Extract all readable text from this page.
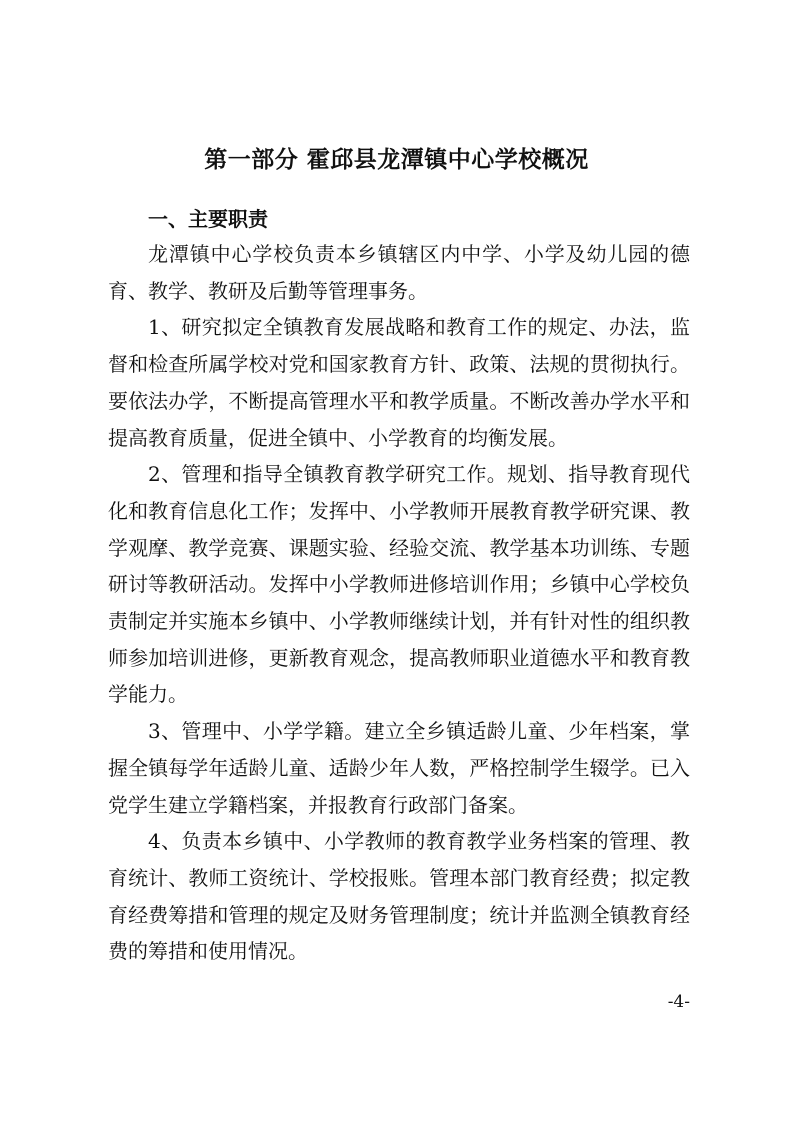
第一部分 霍邱县龙潭镇中心学校概况
一、主要职责

龙潭镇中心学校负责本乡镇辖区内中学、小学及幼儿园的德育、教学、教研及后勤等管理事务。

1、研究拟定全镇教育发展战略和教育工作的规定、办法，监督和检查所属学校对党和国家教育方针、政策、法规的贯彻执行。要依法办学，不断提高管理水平和教学质量。不断改善办学水平和提高教育质量，促进全镇中、小学教育的均衡发展。

2、管理和指导全镇教育教学研究工作。规划、指导教育现代化和教育信息化工作；发挥中、小学教师开展教育教学研究课、教学观摩、教学竞赛、课题实验、经验交流、教学基本功训练、专题研讨等教研活动。发挥中小学教师进修培训作用；乡镇中心学校负责制定并实施本乡镇中、小学教师继续计划，并有针对性的组织教师参加培训进修，更新教育观念，提高教师职业道德水平和教育教学能力。

3、管理中、小学学籍。建立全乡镇适龄儿童、少年档案，掌握全镇每学年适龄儿童、适龄少年人数，严格控制学生辍学。已入党学生建立学籍档案，并报教育行政部门备案。

4、负责本乡镇中、小学教师的教育教学业务档案的管理、教育统计、教师工资统计、学校报账。管理本部门教育经费；拟定教育经费筹措和管理的规定及财务管理制度；统计并监测全镇教育经费的筹措和使用情况。

-4-
